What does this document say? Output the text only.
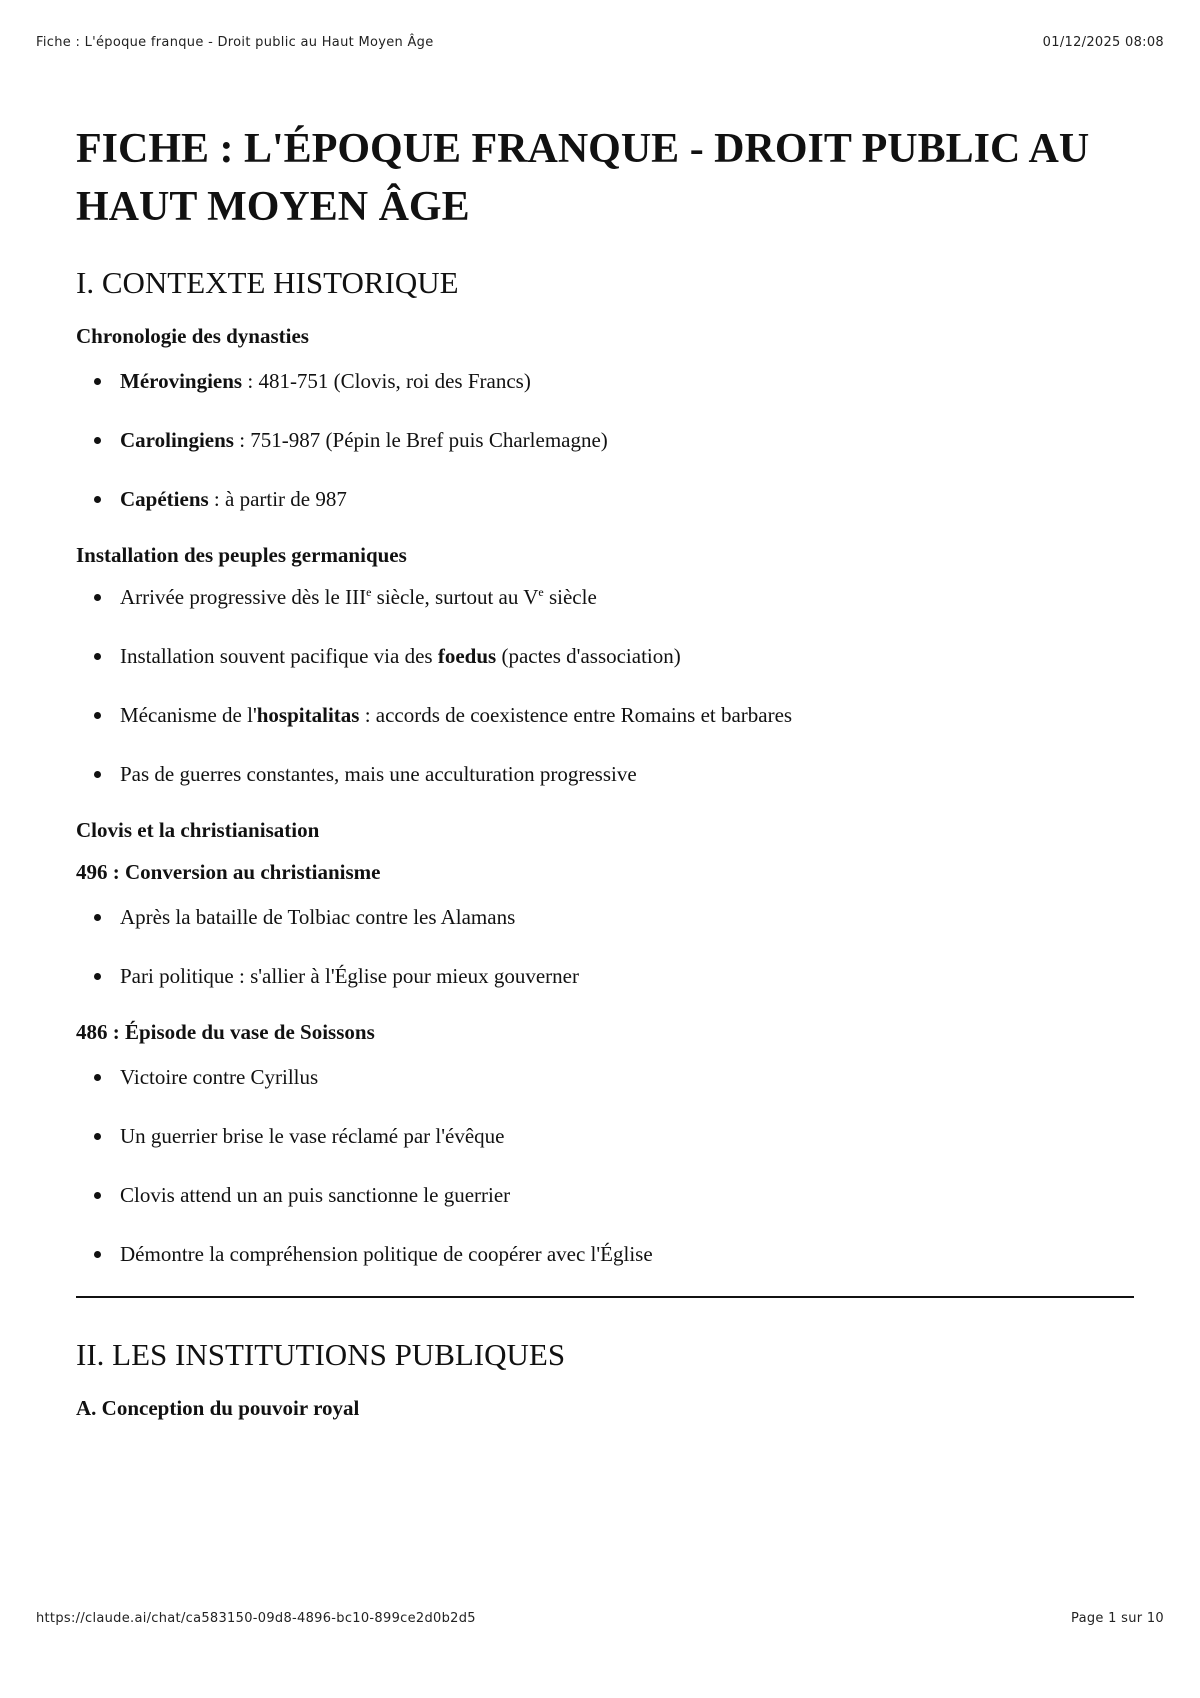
Fiche : L'époque franque - Droit public au Haut Moyen Âge	01/12/2025 08:08
FICHE : L'ÉPOQUE FRANQUE - DROIT PUBLIC AU HAUT MOYEN ÂGE
I. CONTEXTE HISTORIQUE
Chronologie des dynasties
Mérovingiens : 481-751 (Clovis, roi des Francs)
Carolingiens : 751-987 (Pépin le Bref puis Charlemagne)
Capétiens : à partir de 987
Installation des peuples germaniques
Arrivée progressive dès le IIIe siècle, surtout au Ve siècle
Installation souvent pacifique via des foedus (pactes d'association)
Mécanisme de l'hospitalitas : accords de coexistence entre Romains et barbares
Pas de guerres constantes, mais une acculturation progressive
Clovis et la christianisation
496 : Conversion au christianisme
Après la bataille de Tolbiac contre les Alamans
Pari politique : s'allier à l'Église pour mieux gouverner
486 : Épisode du vase de Soissons
Victoire contre Cyrillus
Un guerrier brise le vase réclamé par l'évêque
Clovis attend un an puis sanctionne le guerrier
Démontre la compréhension politique de coopérer avec l'Église
II. LES INSTITUTIONS PUBLIQUES
A. Conception du pouvoir royal
https://claude.ai/chat/ca583150-09d8-4896-bc10-899ce2d0b2d5	Page 1 sur 10
